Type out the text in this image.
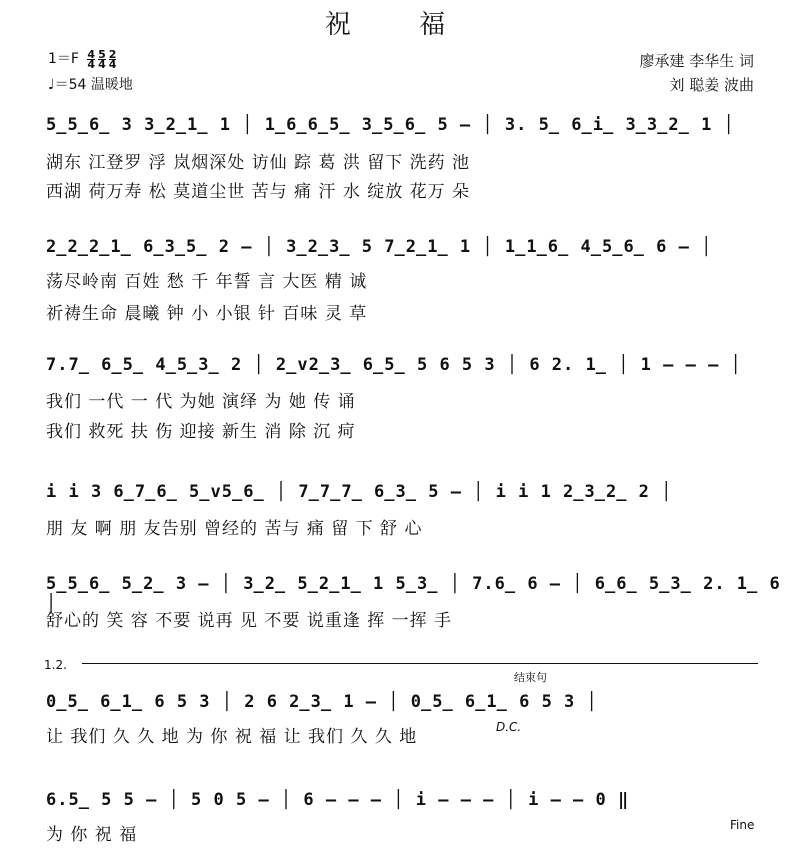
祝 福
$1=F \frac{4}{4} \frac{5}{4} \frac{2}{4}$
♩＝54 温暖地
廖承建 李华生 词
刘 聪姜 波曲
5̲5̲6̲ 3 3̲2̲1̲ 1 │ 1̲6̲6̲5̲ 3̲5̲6̲ 5 – │ 3. 5̲ 6̲i̲ 3̲3̲2̲ 1 │
湖东 江登罗 浮 岚烟深处 访仙 踪 葛 洪 留下 洗药 池
西湖 荷万寿 松 莫道尘世 苦与 痛 汗 水 绽放 花万 朵
2̲2̲2̲1̲ 6̲3̲5̲ 2 – │ 3̲2̲3̲ 5 7̲2̲1̲ 1 │ 1̲1̲6̲ 4̲5̲6̲ 6 – │
荡尽岭南 百姓 愁 千 年誓 言 大医 精 诚
祈祷生命 晨曦 钟 小 小银 针 百味 灵 草
7.7̲ 6̲5̲ 4̲5̲3̲ 2 │ 2̲v2̲3̲ 6̲5̲ 5 6 5 3 │ 6 2. 1̲ │ 1 – – – │
我们 一代 一 代 为她 演绎 为 她 传 诵
我们 救死 扶 伤 迎接 新生 消 除 沉 疴
i i 3 6̲7̲6̲ 5̲v5̲6̲ │ 7̲7̲7̲ 6̲3̲ 5 – │ i i 1 2̲3̲2̲ 2 │
朋 友 啊 朋 友告别 曾经的 苦与 痛 留 下 舒 心
5̲5̲6̲ 5̲2̲ 3 – │ 3̲2̲ 5̲2̲1̲ 1 5̲3̲ │ 7.6̲ 6 – │ 6̲6̲ 5̲3̲ 2. 1̲ 6 │
舒心的 笑 容 不要 说再 见 不要 说重逢 挥 一挥 手
1.2.
结束句
0̲5̲ 6̲1̲ 6 5 3 │ 2 6 2̲3̲ 1 – │ 0̲5̲ 6̲1̲ 6 5 3 │
让 我们 久 久 地 为 你 祝 福 让 我们 久 久 地	D.C.
6.5̲ 5 5 – │ 5 0 5 – │ 6 – – – │ i – – – │ i – – 0 ‖
为 你 祝 福	Fine
